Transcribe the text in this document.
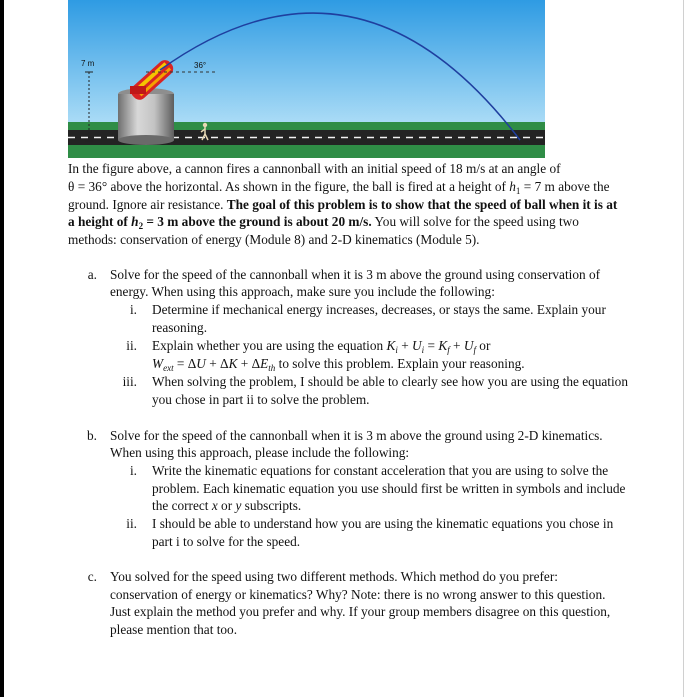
7 m	36°
In the figure above, a cannon fires a cannonball with an initial speed of 18 m/s at an angle of
θ = 36° above the horizontal. As shown in the figure, the ball is fired at a height of $h_1 = 7$ m above the
ground. Ignore air resistance. The goal of this problem is to show that the speed of ball when it is at
a height of $h_2 = 3$ m above the ground is about 20 m/s. You will solve for the speed using two
methods: conservation of energy (Module 8) and 2-D kinematics (Module 5).
a. Solve for the speed of the cannonball when it is 3 m above the ground using conservation of
energy. When using this approach, make sure you include the following:
i. Determine if mechanical energy increases, decreases, or stays the same. Explain your
reasoning.
ii. Explain whether you are using the equation $K_i + U_i = K_f + U_f$ or
$W_{ext} = \Delta U + \Delta K + \Delta E_{th}$ to solve this problem. Explain your reasoning.
iii. When solving the problem, I should be able to clearly see how you are using the equation
you chose in part ii to solve the problem.
b. Solve for the speed of the cannonball when it is 3 m above the ground using 2-D kinematics.
When using this approach, please include the following:
i. Write the kinematic equations for constant acceleration that you are using to solve the
problem. Each kinematic equation you use should first be written in symbols and include
the correct x or y subscripts.
ii. I should be able to understand how you are using the kinematic equations you chose in
part i to solve for the speed.
c. You solved for the speed using two different methods. Which method do you prefer:
conservation of energy or kinematics? Why? Note: there is no wrong answer to this question.
Just explain the method you prefer and why. If your group members disagree on this question,
please mention that too.
